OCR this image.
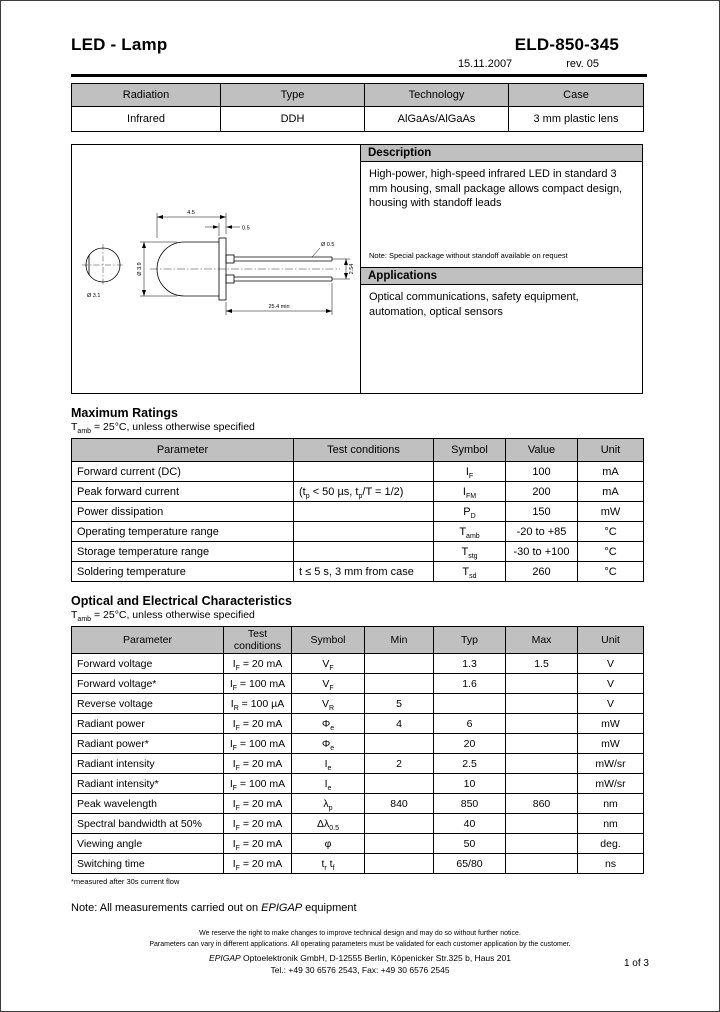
LED - Lamp	ELD-850-345
15.11.2007	rev. 05
Radiation	Type	Technology	Case
Infrared	DDH	AlGaAs/AlGaAs	3 mm plastic lens
Ø 3.1
4.5
0.5
Ø 3.9	2.54
25.4 min
Ø 0.5
Description

High-power, high-speed infrared LED in standard 3 mm housing, small package allows compact design, housing with standoff leads

Note: Special package without standoff available on request

Applications

Optical communications, safety equipment, automation, optical sensors

Maximum Ratings

$T_{amb} = 25^\circ C$, unless otherwise specified

Parameter	Test conditions	Symbol	Value	Unit
Forward current (DC)		$I_F$	100	mA
Peak forward current	($t_p < 50$ µs, $t_p/T = 1/2$)	$I_{FM}$	200	mA
Power dissipation		$P_D$	150	mW
Operating temperature range		$T_{amb}$	-20 to +85	°C
Storage temperature range		$T_{stg}$	-30 to +100	°C
Soldering temperature	t ≤ 5 s, 3 mm from case	$T_{sd}$	260	°C
Optical and Electrical Characteristics

$T_{amb} = 25^\circ C$, unless otherwise specified

Parameter	Test conditions	Symbol	Min	Typ	Max	Unit
Forward voltage	$I_F = 20$ mA	$V_F$		1.3	1.5	V
Forward voltage*	$I_F = 100$ mA	$V_F$		1.6		V
Reverse voltage	$I_R = 100$ µA	$V_R$	5			V
Radiant power	$I_F = 20$ mA	$\Phi_e$	4	6		mW
Radiant power*	$I_F = 100$ mA	$\Phi_e$		20		mW
Radiant intensity	$I_F = 20$ mA	$I_e$	2	2.5		mW/sr
Radiant intensity*	$I_F = 100$ mA	$I_e$		10		mW/sr
Peak wavelength	$I_F = 20$ mA	$\lambda_p$	840	850	860	nm
Spectral bandwidth at 50%	$I_F = 20$ mA	$\Delta\lambda_{0.5}$		40		nm
Viewing angle	$I_F = 20$ mA	φ		50		deg.
Switching time	$I_F = 20$ mA	$t_r$ $t_f$		65/80		ns

*measured after 30s current flow

Note: All measurements carried out on EPIGAP equipment

We reserve the right to make changes to improve technical design and may do so without further notice.
Parameters can vary in different applications. All operating parameters must be validated for each customer application by the customer.
EPIGAP Optoelektronik GmbH, D-12555 Berlin, Köpenicker Str.325 b, Haus 201
Tel.: +49 30 6576 2543, Fax: +49 30 6576 2545
1 of 3
